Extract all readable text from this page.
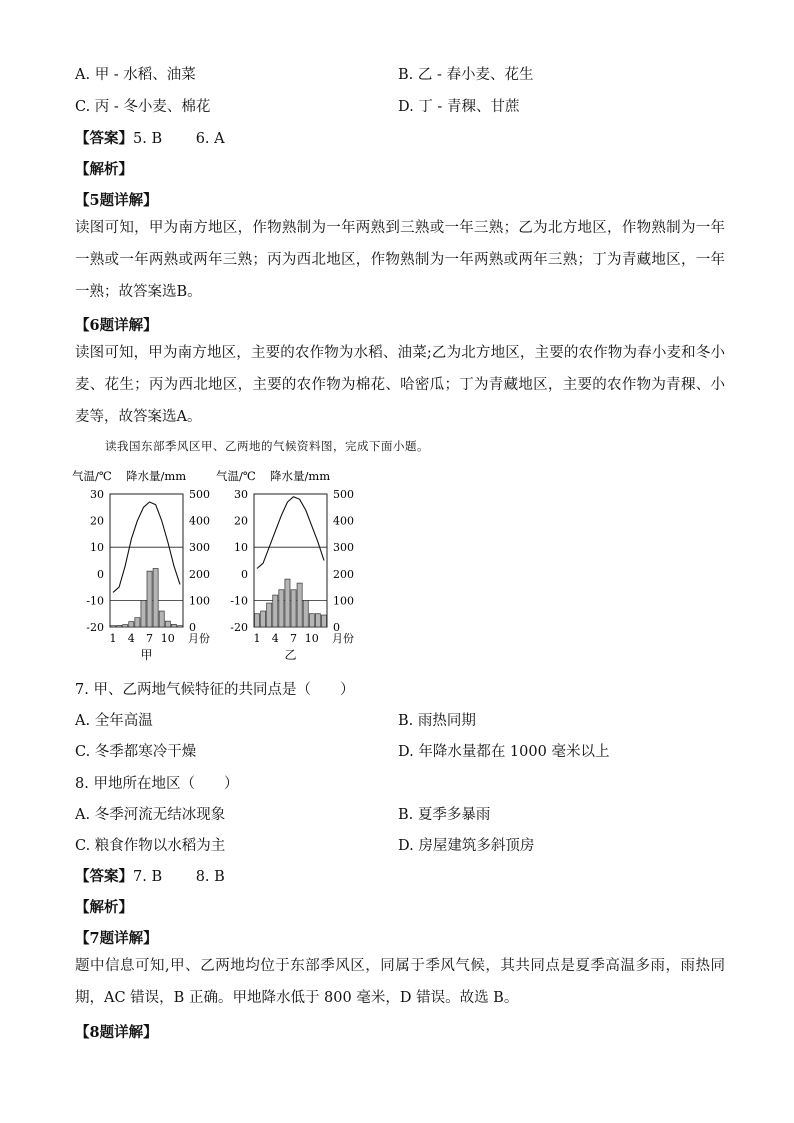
A. 甲 - 水稻、油菜	B. 乙 - 春小麦、花生
C. 丙 - 冬小麦、棉花	D. 丁 - 青稞、甘蔗
【答案】5. B 　　6. A
【解析】
【5题详解】
读图可知，甲为南方地区，作物熟制为一年两熟到三熟或一年三熟；乙为北方地区，作物熟制为一年一熟或一年两熟或两年三熟；丙为西北地区，作物熟制为一年两熟或两年三熟；丁为青藏地区，一年一熟；故答案选B。
【6题详解】
读图可知，甲为南方地区，主要的农作物为水稻、油菜;乙为北方地区，主要的农作物为春小麦和冬小麦、花生；丙为西北地区，主要的农作物为棉花、哈密瓜；丁为青藏地区，主要的农作物为青稞、小麦等，故答案选A。
读我国东部季风区甲、乙两地的气候资料图，完成下面小题。
气温/℃ 降水量/mm
30
20
10
0
-10
-20
500
400
300
200
100
0
1 4 7 10 月份
甲
气温/℃ 降水量/mm
30
20
10
0
-10
-20
500
400
300
200
100
0
1 4 7 10 月份
乙
7. 甲、乙两地气候特征的共同点是（　　）
A. 全年高温	B. 雨热同期
C. 冬季都寒冷干燥	D. 年降水量都在 1000 毫米以上
8. 甲地所在地区（　　）
A. 冬季河流无结冰现象	B. 夏季多暴雨
C. 粮食作物以水稻为主	D. 房屋建筑多斜顶房
【答案】7. B 　　8. B
【解析】
【7题详解】
题中信息可知,甲、乙两地均位于东部季风区，同属于季风气候，其共同点是夏季高温多雨，雨热同期，AC 错误，B 正确。甲地降水低于 800 毫米，D 错误。故选 B。
【8题详解】
